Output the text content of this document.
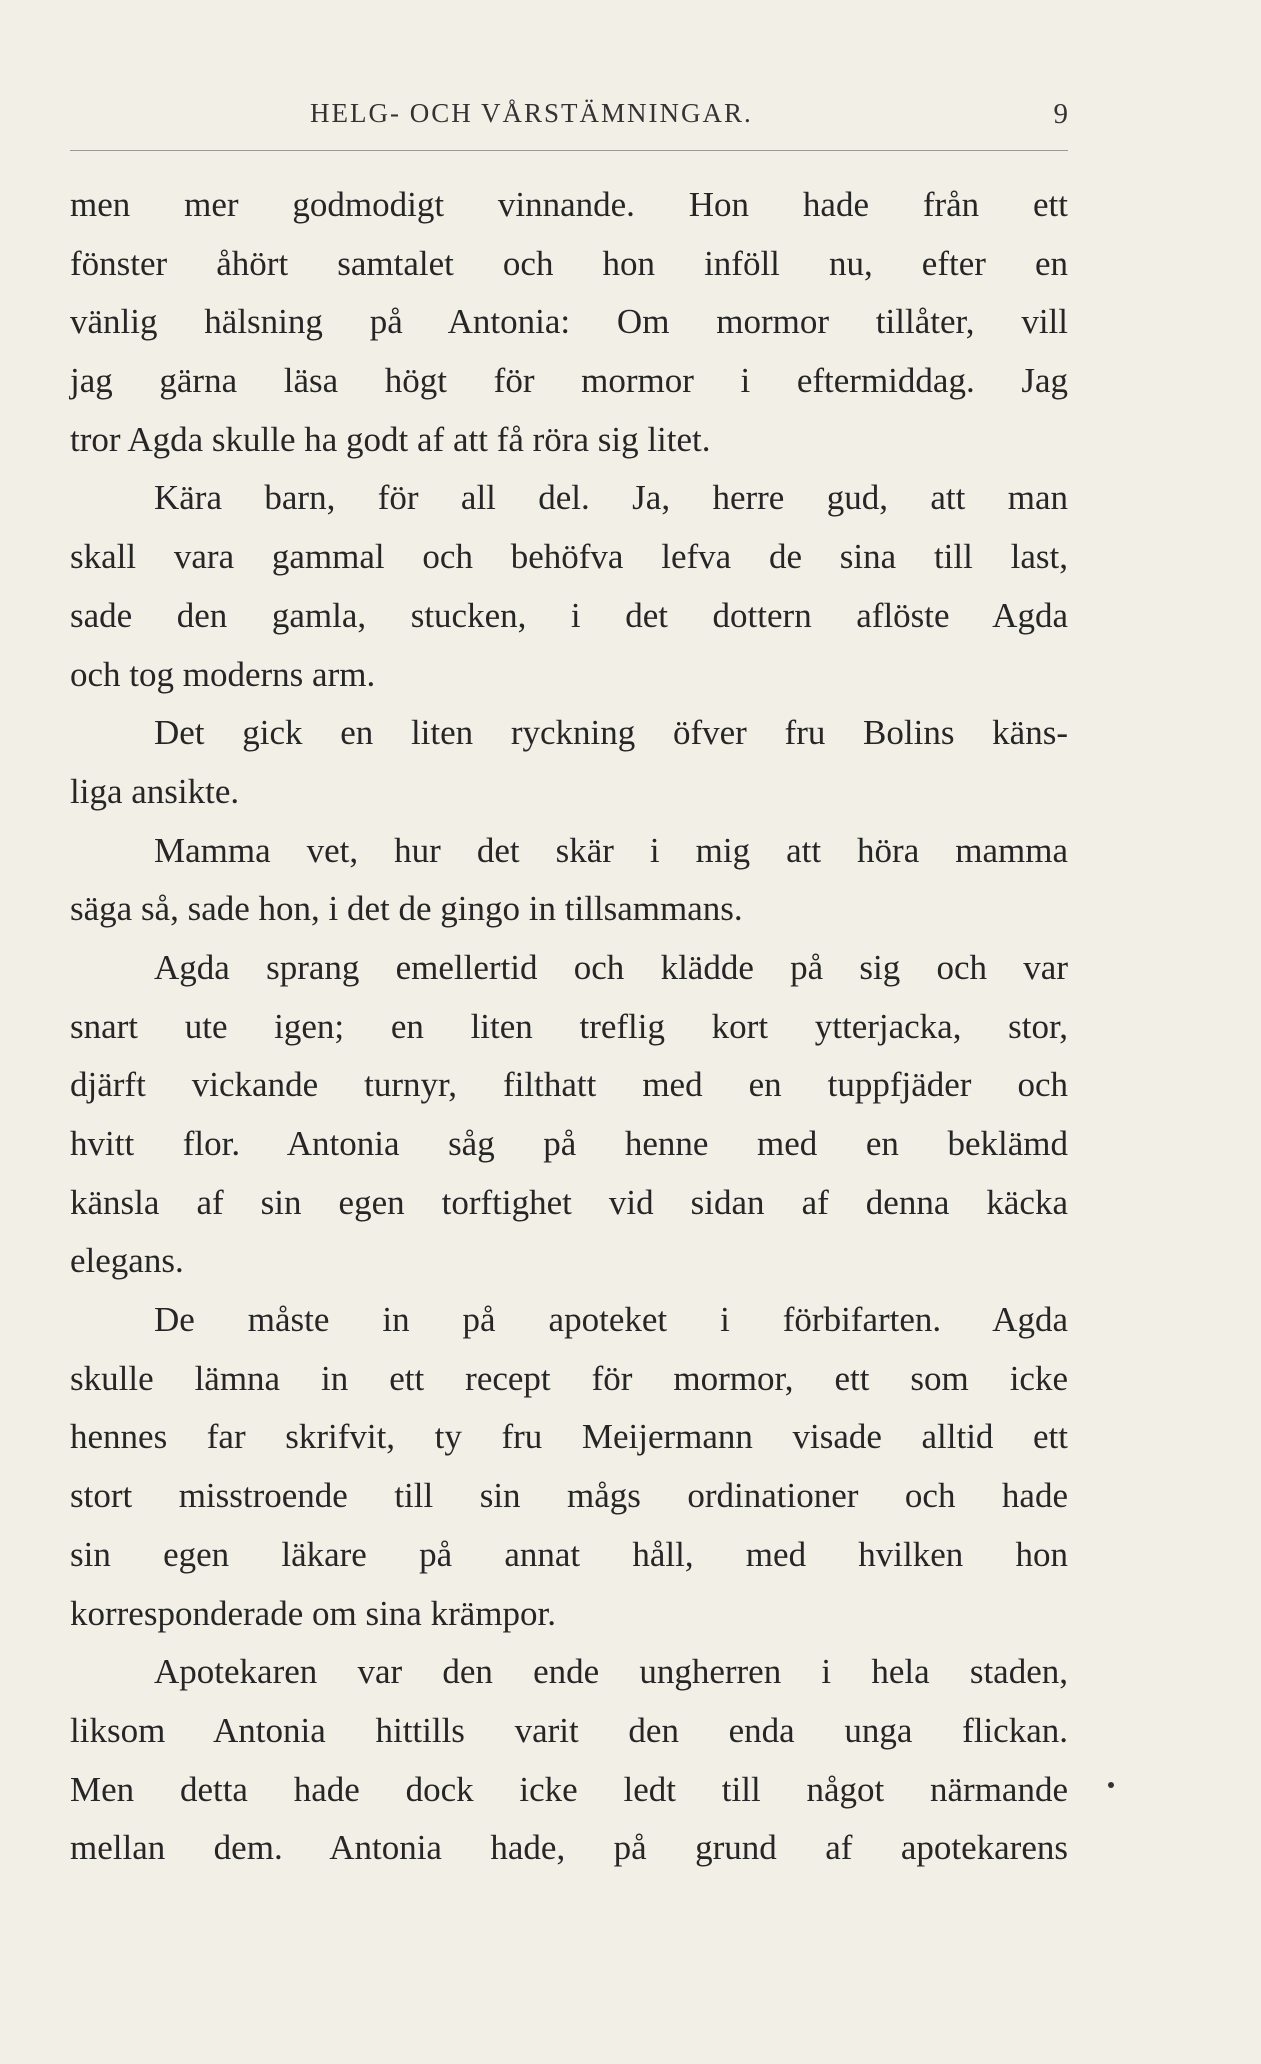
HELG- OCH VÅRSTÄMNINGAR.	9
men mer godmodigt vinnande. Hon hade från ett
fönster åhört samtalet och hon inföll nu, efter en
vänlig hälsning på Antonia: Om mormor tillåter, vill
jag gärna läsa högt för mormor i eftermiddag. Jag
tror Agda skulle ha godt af att få röra sig litet.
Kära barn, för all del. Ja, herre gud, att man
skall vara gammal och behöfva lefva de sina till last,
sade den gamla, stucken, i det dottern aflöste Agda
och tog moderns arm.
Det gick en liten ryckning öfver fru Bolins käns-
liga ansikte.
Mamma vet, hur det skär i mig att höra mamma
säga så, sade hon, i det de gingo in tillsammans.
Agda sprang emellertid och klädde på sig och var
snart ute igen; en liten treflig kort ytterjacka, stor,
djärft vickande turnyr, filthatt med en tuppfjäder och
hvitt flor. Antonia såg på henne med en beklämd
känsla af sin egen torftighet vid sidan af denna käcka
elegans.
De måste in på apoteket i förbifarten. Agda
skulle lämna in ett recept för mormor, ett som icke
hennes far skrifvit, ty fru Meijermann visade alltid ett
stort misstroende till sin mågs ordinationer och hade
sin egen läkare på annat håll, med hvilken hon
korresponderade om sina krämpor.
Apotekaren var den ende ungherren i hela staden,
liksom Antonia hittills varit den enda unga flickan.
Men detta hade dock icke ledt till något närmande
mellan dem. Antonia hade, på grund af apotekarens
